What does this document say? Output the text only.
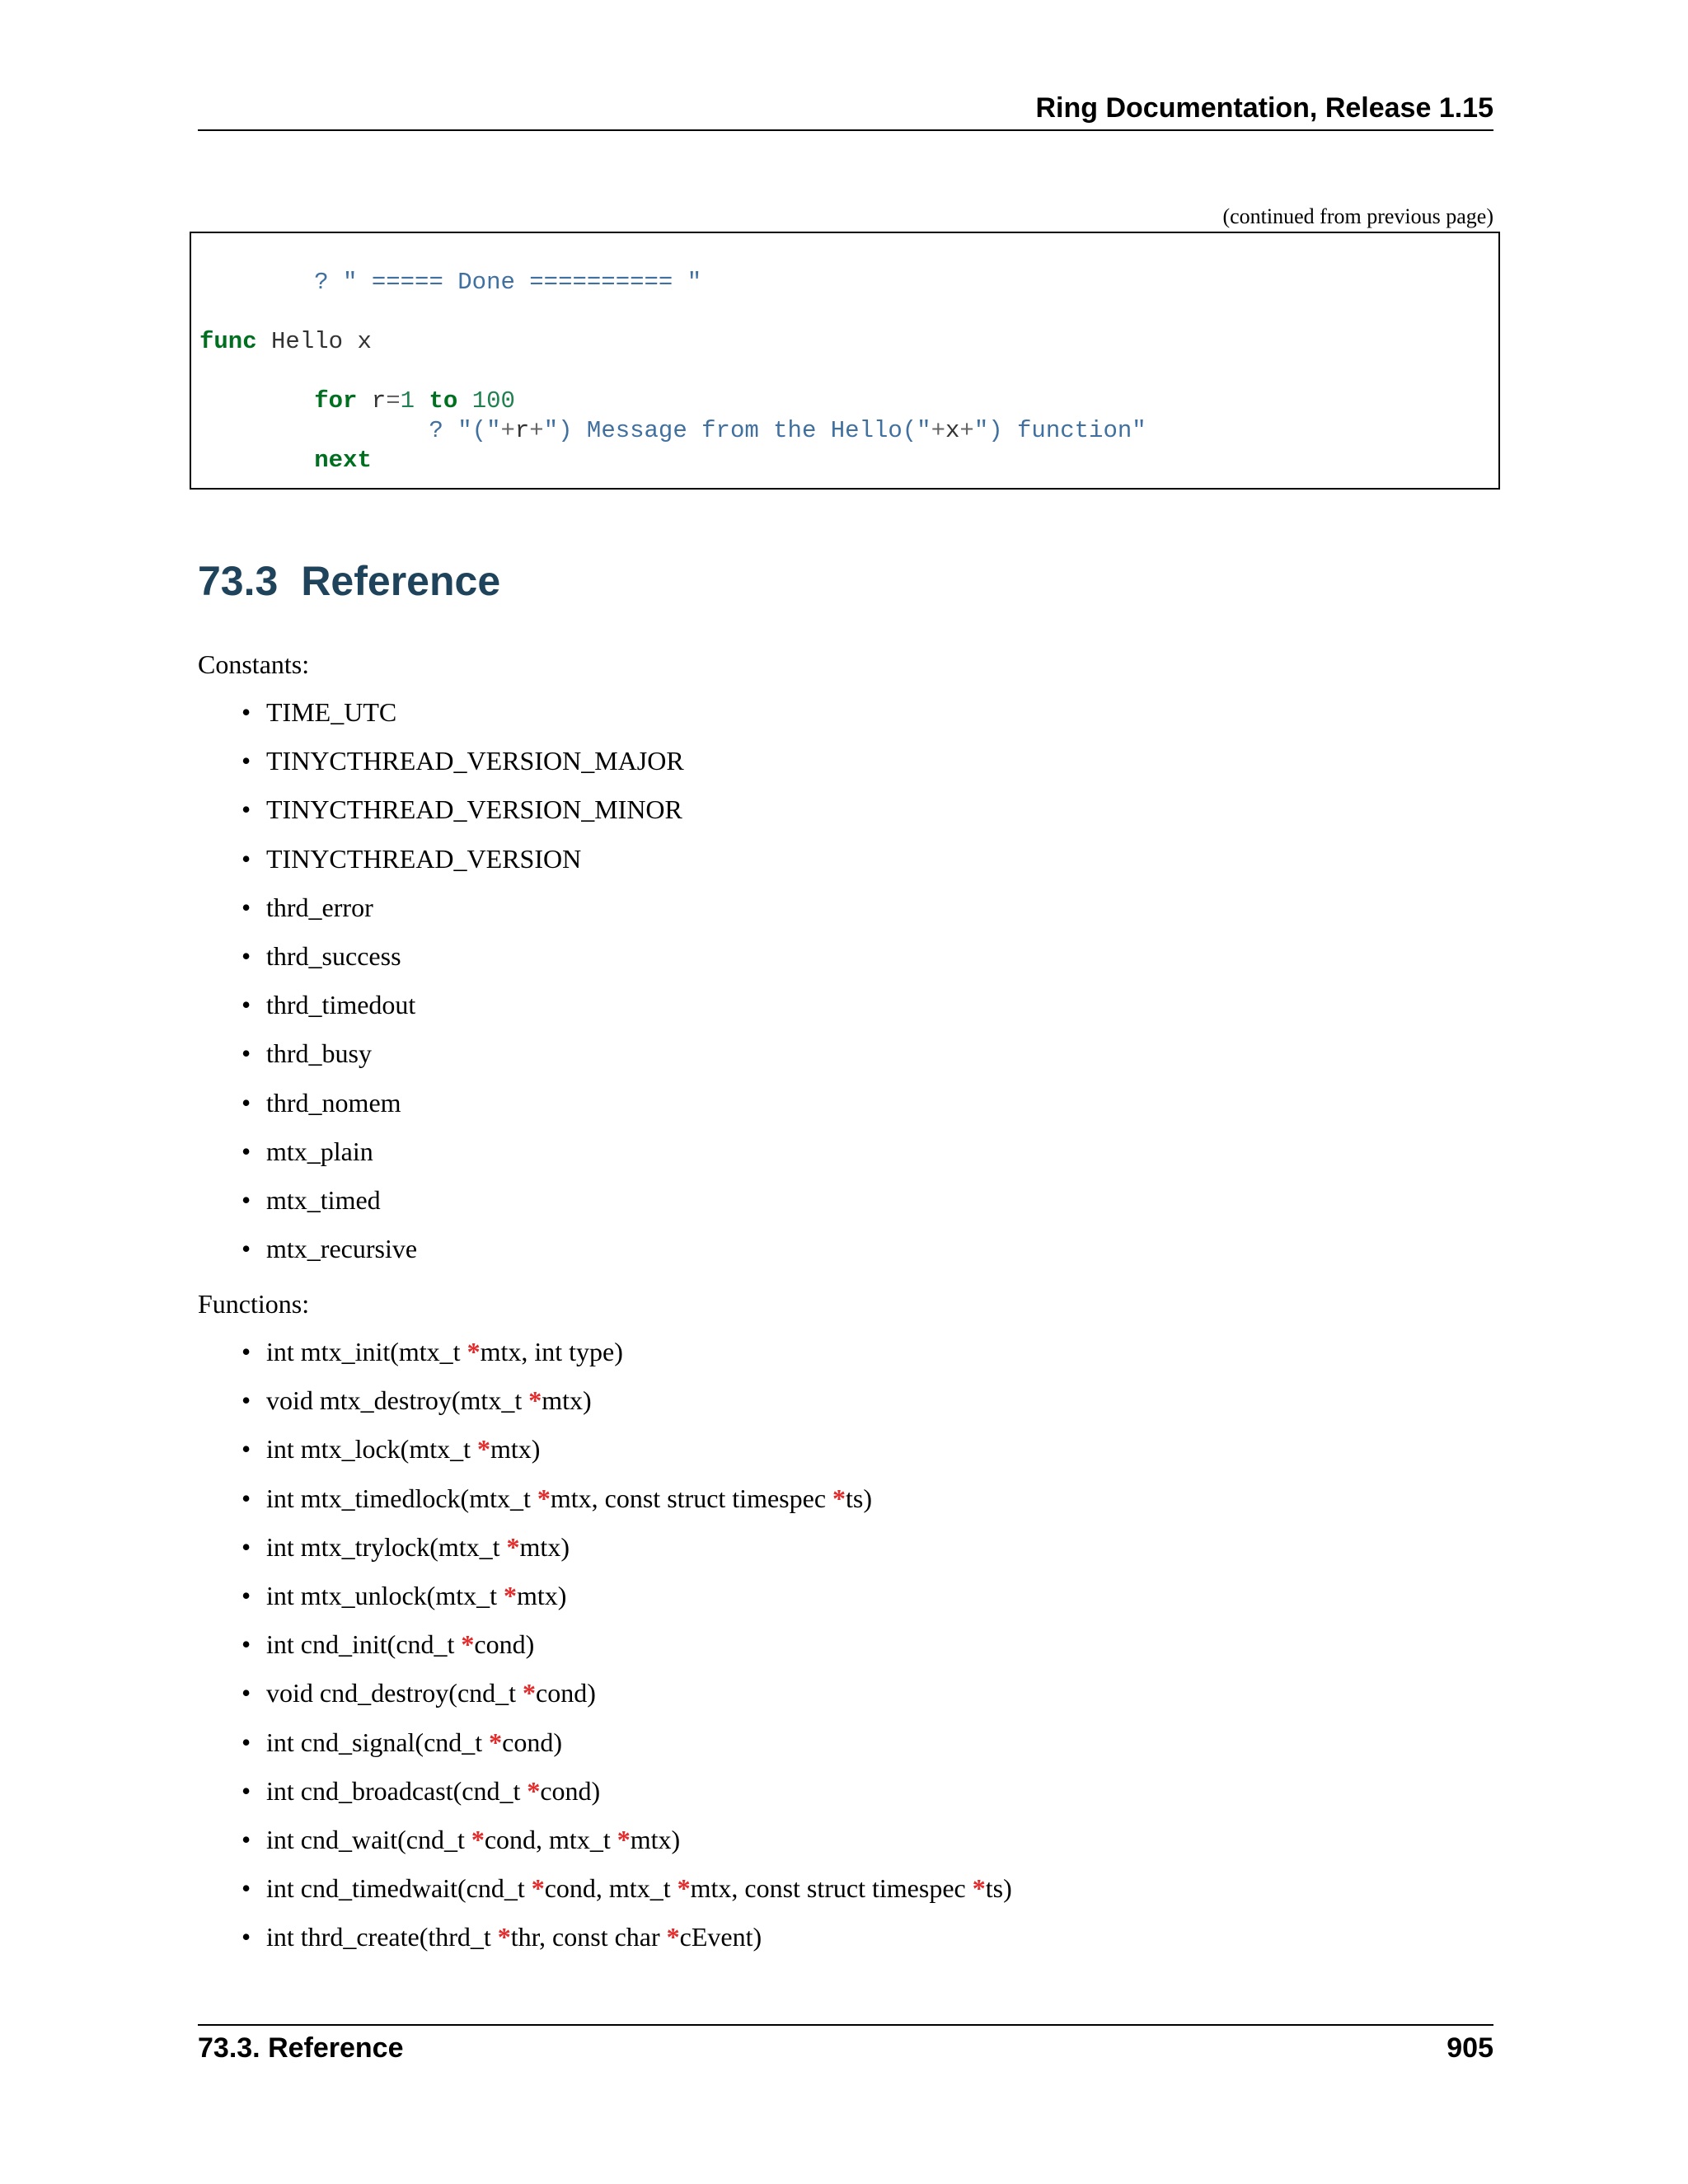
Ring Documentation, Release 1.15
(continued from previous page)
? " ===== Done ========== "
func Hello x
for r=1 to 100
? "("+r+") Message from the Hello("+x+") function"
next
73.3 Reference
Constants:
• TIME_UTC
• TINYCTHREAD_VERSION_MAJOR
• TINYCTHREAD_VERSION_MINOR
• TINYCTHREAD_VERSION
• thrd_error
• thrd_success
• thrd_timedout
• thrd_busy
• thrd_nomem
• mtx_plain
• mtx_timed
• mtx_recursive
Functions:
• int mtx_init(mtx_t *mtx, int type)
• void mtx_destroy(mtx_t *mtx)
• int mtx_lock(mtx_t *mtx)
• int mtx_timedlock(mtx_t *mtx, const struct timespec *ts)
• int mtx_trylock(mtx_t *mtx)
• int mtx_unlock(mtx_t *mtx)
• int cnd_init(cnd_t *cond)
• void cnd_destroy(cnd_t *cond)
• int cnd_signal(cnd_t *cond)
• int cnd_broadcast(cnd_t *cond)
• int cnd_wait(cnd_t *cond, mtx_t *mtx)
• int cnd_timedwait(cnd_t *cond, mtx_t *mtx, const struct timespec *ts)
• int thrd_create(thrd_t *thr, const char *cEvent)
73.3. Reference	905
